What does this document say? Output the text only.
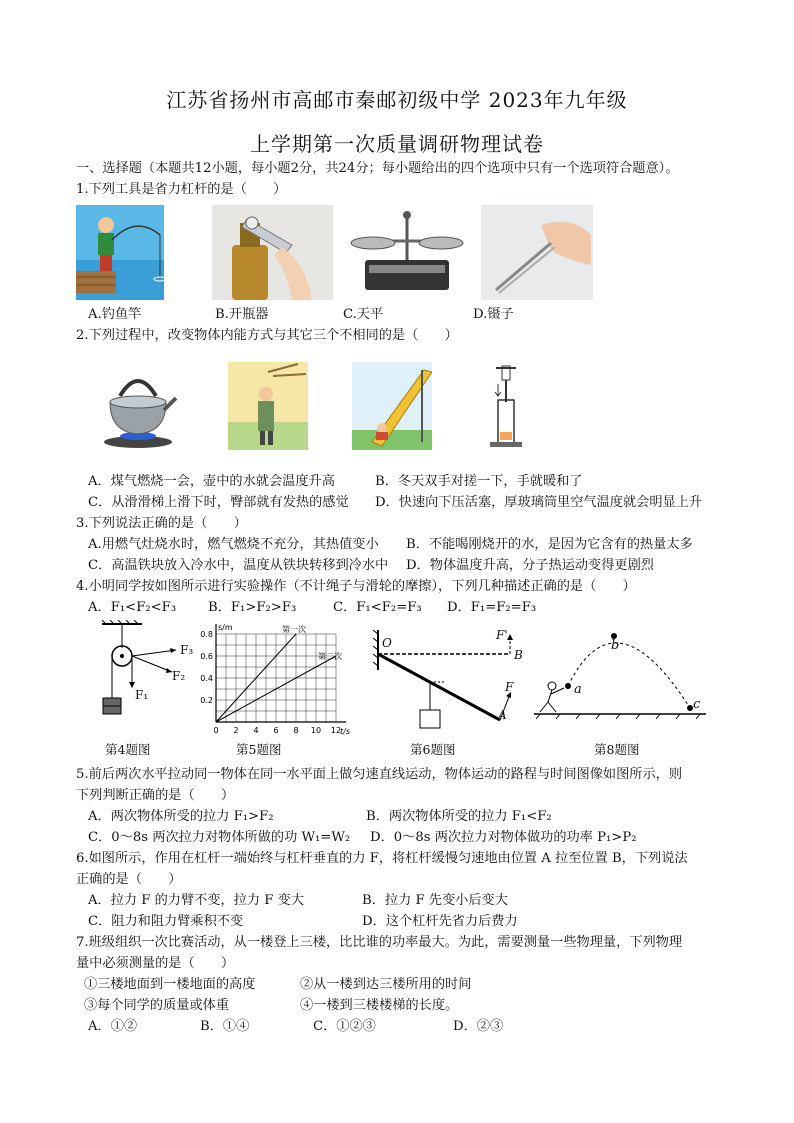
江苏省扬州市高邮市秦邮初级中学 2023年九年级
上学期第一次质量调研物理试卷
一、选择题（本题共12小题，每小题2分，共24分；每小题给出的四个选项中只有一个选项符合题意）。
1.下列工具是省力杠杆的是（　　）
A.钓鱼竿	B.开瓶器	C.天平	D.镊子
2.下列过程中，改变物体内能方式与其它三个不相同的是（　　）
A．煤气燃烧一会，壶中的水就会温度升高	B．冬天双手对搓一下，手就暖和了
C．从滑滑梯上滑下时，臀部就有发热的感觉 D．快速向下压活塞，厚玻璃筒里空气温度就会明显上升
3.下列说法正确的是（　　）
A.用燃气灶烧水时，燃气燃烧不充分，其热值变小 B．不能喝刚烧开的水，是因为它含有的热量太多
C．高温铁块放入冷水中，温度从铁块转移到冷水中 D．物体温度升高，分子热运动变得更剧烈
4.小明同学按如图所示进行实验操作（不计绳子与滑轮的摩擦），下列几种描述正确的是（　　）
A．F₁<F₂<F₃ B．F₁>F₂>F₃	C．F₁<F₂=F₃ D．F₁=F₂=F₃
F₃
F₂
F₁
第4题图
第一次
第二次
s/m
t/s
0.8
0.6
0.4
0.2
0 2 4 6 8 10 12
第5题图
O
F'
B
F
A
第6题图
a
b
c
第8题图
5.前后两次水平拉动同一物体在同一水平面上做匀速直线运动，物体运动的路程与时间图像如图所示，则
下列判断正确的是（　　）
A．两次物体所受的拉力 F₁>F₂	B．两次物体所受的拉力 F₁<F₂
C．0～8s 两次拉力对物体所做的功 W₁=W₂ D．0～8s 两次拉力对物体做功的功率 P₁>P₂
6.如图所示，作用在杠杆一端始终与杠杆垂直的力 F，将杠杆缓慢匀速地由位置 A 拉至位置 B，下列说法
正确的是（　　）
A．拉力 F 的力臂不变，拉力 F 变大	B．拉力 F 先变小后变大
C．阻力和阻力臂乘积不变	D．这个杠杆先省力后费力
7.班级组织一次比赛活动，从一楼登上三楼，比比谁的功率最大。为此，需要测量一些物理量，下列物理
量中必须测量的是（　　）
①三楼地面到一楼地面的高度	②从一楼到达三楼所用的时间
③每个同学的质量或体重	④一楼到三楼楼梯的长度。
A．①②	B．①④	C．①②③	D．②③
